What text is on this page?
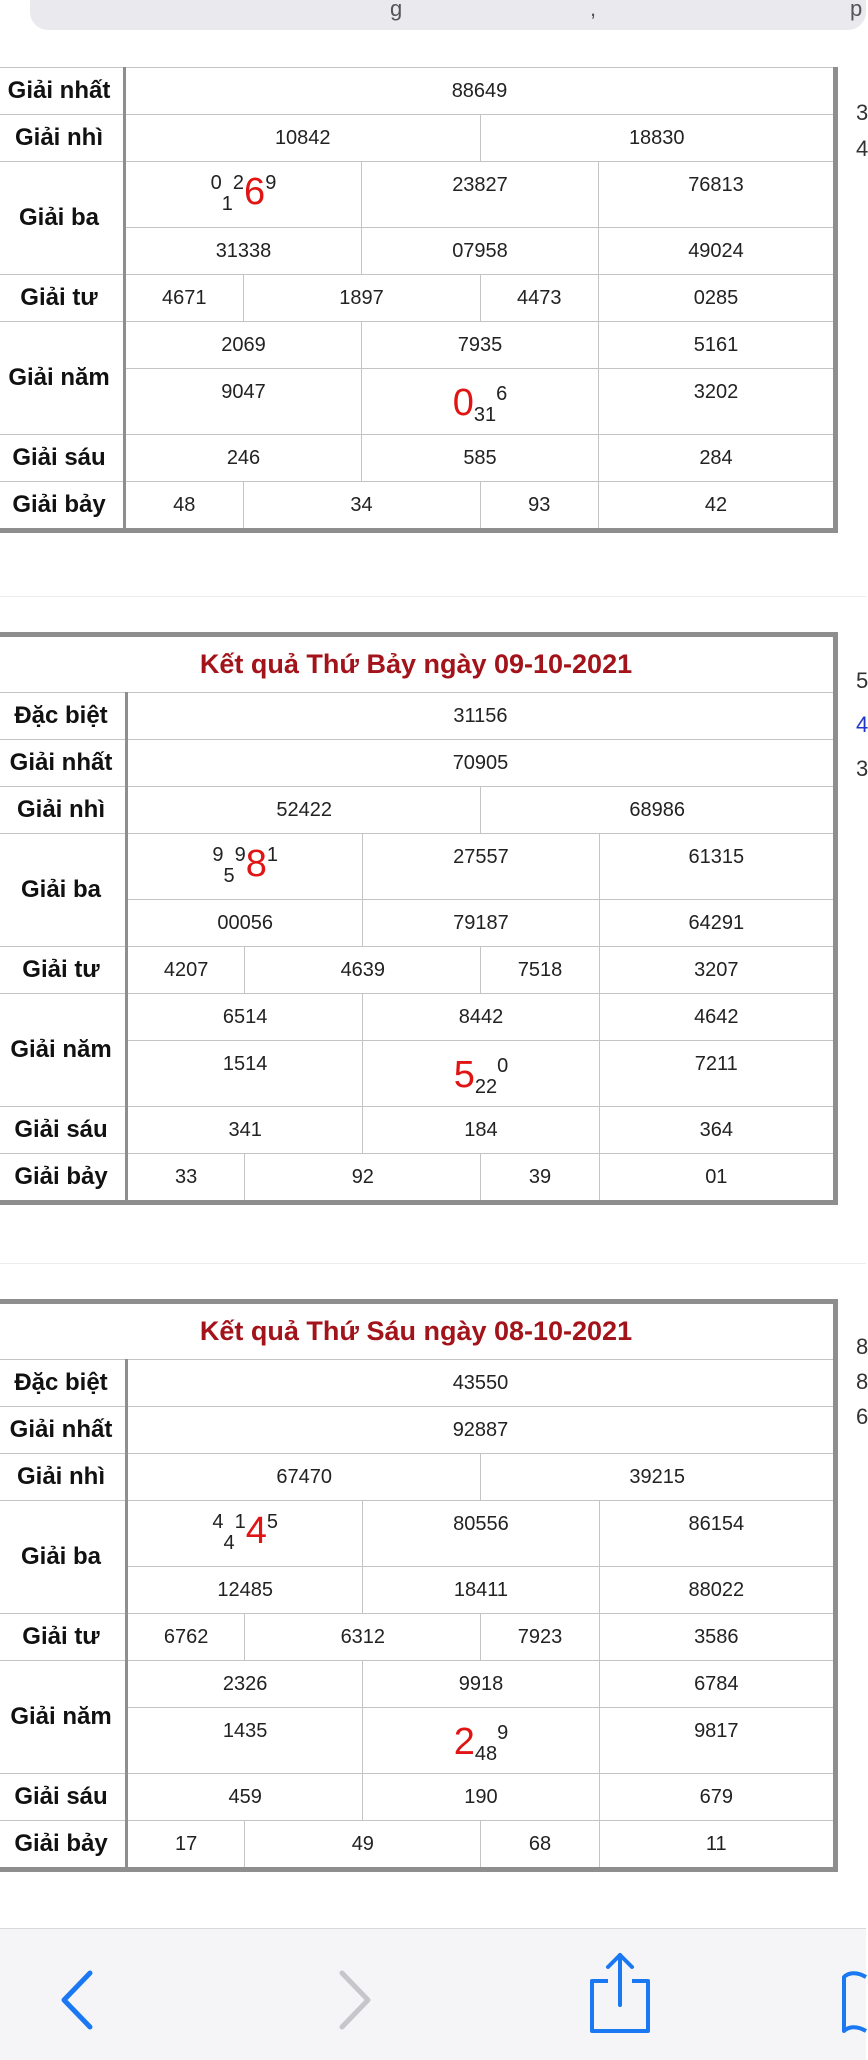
g	,	p
Giải nhất	88649				
Giải nhì	10842			18830	
Giải ba	01269		23827		76813
	31338		07958		49024
Giải tư	4671	1897		4473	0285
Giải năm	2069		7935		5161
	9047		0316		3202
Giải sáu	246		585		284
Giải bảy	48	34		93	42
Kết quả Thứ Bảy ngày 09-10-2021					
Đặc biệt	31156				
Giải nhất	70905				
Giải nhì	52422			68986	
Giải ba	95981		27557		61315
	00056		79187		64291
Giải tư	4207	4639		7518	3207
Giải năm	6514		8442		4642
	1514		5220		7211
Giải sáu	341		184		364
Giải bảy	33	92		39	01
Kết quả Thứ Sáu ngày 08-10-2021					
Đặc biệt	43550				
Giải nhất	92887				
Giải nhì	67470			39215	
Giải ba	44145		80556		86154
	12485		18411		88022
Giải tư	6762	6312		7923	3586
Giải năm	2326		9918		6784
	1435		2489		9817
Giải sáu	459		190		679
Giải bảy	17	49		68	11
3
4
5
4
3
8
8
6
